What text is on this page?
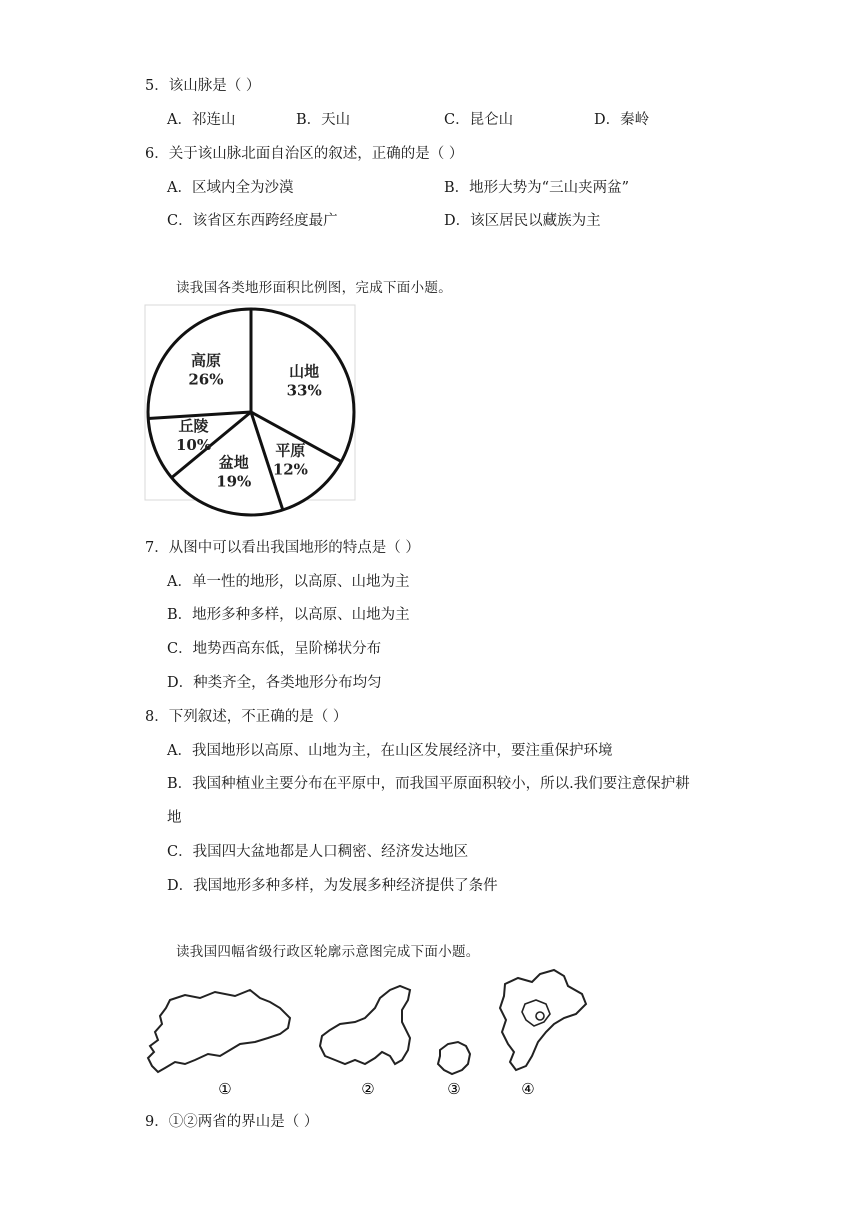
5．该山脉是（ ）
A．祁连山	B．天山	C．昆仑山	D．秦岭
6．关于该山脉北面自治区的叙述，正确的是（ ）
A．区域内全为沙漠	B．地形大势为“三山夹两盆”
C．该省区东西跨经度最广	D．该区居民以藏族为主
读我国各类地形面积比例图，完成下面小题。
山地
33%
平原
12%
盆地
19%
丘陵
10%
高原
26%
7．从图中可以看出我国地形的特点是（ ）
A．单一性的地形，以高原、山地为主
B．地形多种多样，以高原、山地为主
C．地势西高东低，呈阶梯状分布
D．种类齐全，各类地形分布均匀
8．下列叙述，不正确的是（ ）
A．我国地形以高原、山地为主，在山区发展经济中，要注重保护环境
B．我国种植业主要分布在平原中，而我国平原面积较小，所以.我们要注意保护耕
地
C．我国四大盆地都是人口稠密、经济发达地区
D．我国地形多种多样，为发展多种经济提供了条件
读我国四幅省级行政区轮廓示意图完成下面小题。
①	②	③	④
9．①②两省的界山是（ ）
